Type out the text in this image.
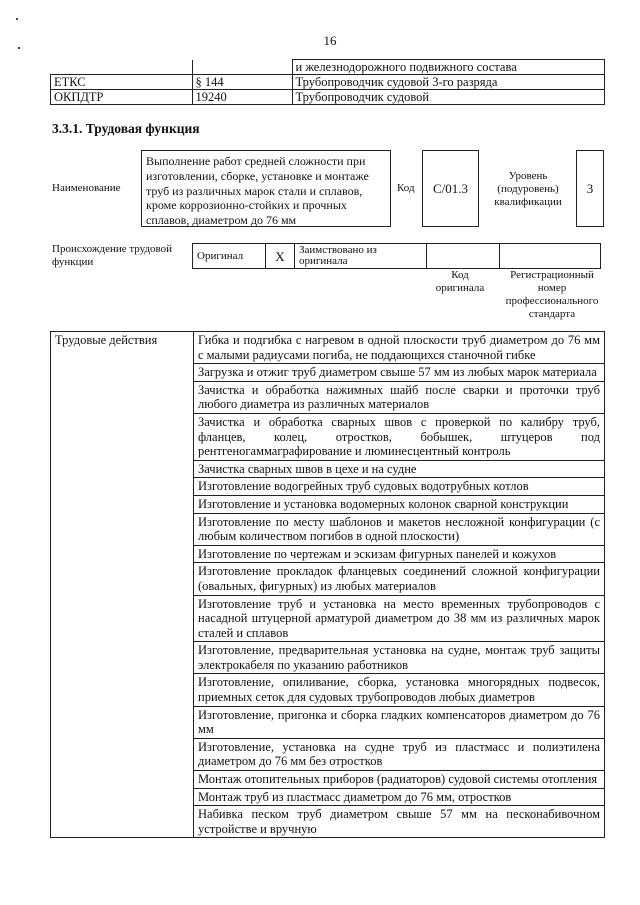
16
		и железнодорожного подвижного состава
ЕТКС	§ 144	Трубопроводчик судовой 3-го разряда
ОКПДТР	19240	Трубопроводчик судовой
3.3.1. Трудовая функция
Наименование
Выполнение работ средней сложности при изготовлении, сборке, установке и монтаже труб из различных марок стали и сплавов, кроме коррозионно-стойких и прочных сплавов, диаметром до 76 мм
Код	C/01.3
Уровень (подуровень) квалификации
3
Происхождение трудовой функции
Оригинал	X	Заимствовано из оригинала		
Код оригинала
Регистрационный номер профессионального стандарта
Трудовые действия	Гибка и подгибка с нагревом в одной плоскости труб диаметром до 76 мм с малыми радиусами погиба, не поддающихся станочной гибке
Загрузка и отжиг труб диаметром свыше 57 мм из любых марок материала
Зачистка и обработка нажимных шайб после сварки и проточки труб любого диаметра из различных материалов
Зачистка и обработка сварных швов с проверкой по калибру труб, фланцев, колец, отростков, бобышек, штуцеров под рентгеногаммаграфирование и люминесцентный контроль
Зачистка сварных швов в цехе и на судне
Изготовление водогрейных труб судовых водотрубных котлов
Изготовление и установка водомерных колонок сварной конструкции
Изготовление по месту шаблонов и макетов несложной конфигурации (с любым количеством погибов в одной плоскости)
Изготовление по чертежам и эскизам фигурных панелей и кожухов
Изготовление прокладок фланцевых соединений сложной конфигурации (овальных, фигурных) из любых материалов
Изготовление труб и установка на место временных трубопроводов с насадной штуцерной арматурой диаметром до 38 мм из различных марок сталей и сплавов
Изготовление, предварительная установка на судне, монтаж труб защиты электрокабеля по указанию работников
Изготовление, опиливание, сборка, установка многорядных подвесок, приемных сеток для судовых трубопроводов любых диаметров
Изготовление, пригонка и сборка гладких компенсаторов диаметром до 76 мм
Изготовление, установка на судне труб из пластмасс и полиэтилена диаметром до 76 мм без отростков
Монтаж отопительных приборов (радиаторов) судовой системы отопления
Монтаж труб из пластмасс диаметром до 76 мм, отростков
Набивка песком труб диаметром свыше 57 мм на песконабивочном устройстве и вручную
